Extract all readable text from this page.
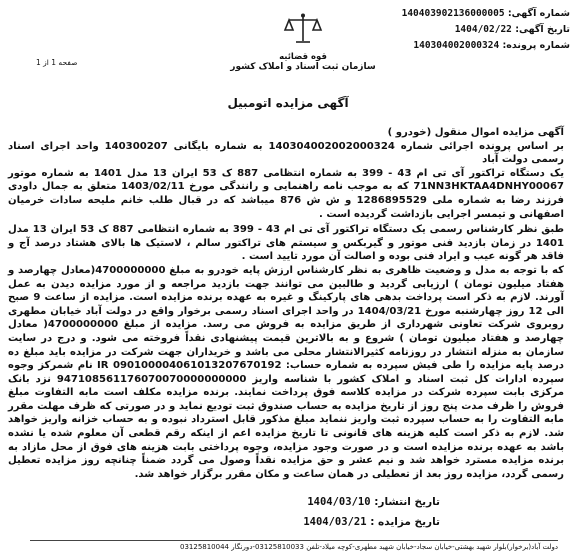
شماره آگهی: 140403902136000005
تاریخ آگهی: 1404/02/22
شماره پرونده: 140304002000324
قوه قضائیه
سازمان ثبت اسناد و املاک کشور
صفحه 1 از 1
آگهی مزایده اتومبیل

آگهی مزایده اموال منقول (خودرو )

بر اساس پرونده اجرائی شماره 140304002002000324 به شماره بایگانی 140300207 واحد اجرای اسناد رسمی دولت آباد

یک دستگاه تراکتور آی تی ام 43 - 399 به شماره انتظامی 887 ک 53 ایران 13 مدل 1401 به شماره موتور 71NN3HKTAA4DNHY00067 که به موجب نامه راهنمایی و رانندگی مورخ 1403/02/11 متعلق به جمال داودی فرزند رضا به شماره ملی 1286895529 و ش ش 876 میباشد که در قبال طلب خانم ملیحه سادات خرمیان اصفهانی و تیمسر اجرایی بازداشت گردیده است .

طبق نظر کارشناس رسمی یک دستگاه تراکتور آی تی ام 43 - 399 به شماره انتظامی 887 ک 53 ایران 13 مدل 1401 در زمان بازدید فنی موتور و گیربکس و سیستم های تراکتور سالم ، لاستیک ها بالای هشتاد درصد آج و فاقد هر گونه عیب و ایراد فنی بوده و اصالت آن مورد تایید است .

که با توجه به مدل و وضعیت ظاهری به نظر کارشناس ارزش پایه خودرو به مبلغ 4700000000(معادل چهارصد و هفتاد میلیون تومان ) ارزیابی گردید و طالبین می توانند جهت بازدید مراجعه و از مورد مزایده دیدن به عمل آورند. لازم به ذکر است پرداخت بدهی های پارکینگ و غیره به عهده برنده مزایده است. مزایده از ساعت 9 صبح الی 12 روز چهارشنبه مورخ 1404/03/21 در واحد اجرای اسناد رسمی برخوار واقع در دولت آباد خیابان مطهری روبروی شرکت تعاونی شهرداری از طریق مزایده به فروش می رسد. مزایده از مبلغ 4700000000( معادل چهارصد و هفتاد میلیون تومان ) شروع و به بالاترین قیمت پیشنهادی نقداً فروخته می شود. و درج در سایت سازمان به منزله انتشار در روزنامه کثیرالانتشار محلی می باشد و خریداران جهت شرکت در مزایده باید مبلغ ده درصد پایه مزایده را طی فیش سپرده به شماره حساب: IR 090100004061013207670192 نام شمرکز وجوه سپرده ادارات کل ثبت اسناد و املاک کشور با شناسه واریز 947108561176070070000000000 نزد بانک مرکزی بابت سپرده شرکت در مزایده کلاسه فوق پرداخت نمایند. برنده مزایده مکلف است مابه التفاوت مبلغ فروش را ظرف مدت پنج روز از تاریخ مزایده به حساب صندوق ثبت تودیع نماید و در صورتی که ظرف مهلت مقرر مابه التفاوت را به حساب سپرده ثبت واریز ننماید مبلغ مذکور قابل استرداد نبوده و به حساب خزانه واریز خواهد شد. لازم به ذکر است کلیه هزینه های قانونی تا تاریخ مزایده اعم از اینکه رقم قطعی آن معلوم شده یا نشده باشد به عهده برنده مزایده است و در صورت وجود مزایده، وجوه پرداختی بابت هزینه های فوق از محل مازاد به برنده مزایده مسترد خواهد شد و نیم عشر و حق مزایده نقداً وصول می گردد ضمناً چنانچه روز مزایده تعطیل رسمی گردد، مزایده روز بعد از تعطیلی در همان ساعت و مکان مقرر برگزار خواهد شد.

تاریخ انتشار: 1404/03/10
تاریخ مزایده : 1404/03/21
دولت آباد(برخوار)بلوار شهید بهشتی-خیابان سجاد-خیابان شهید مطهری-کوچه میلاد-تلفن 03125810033-دورنگار 03125810044
